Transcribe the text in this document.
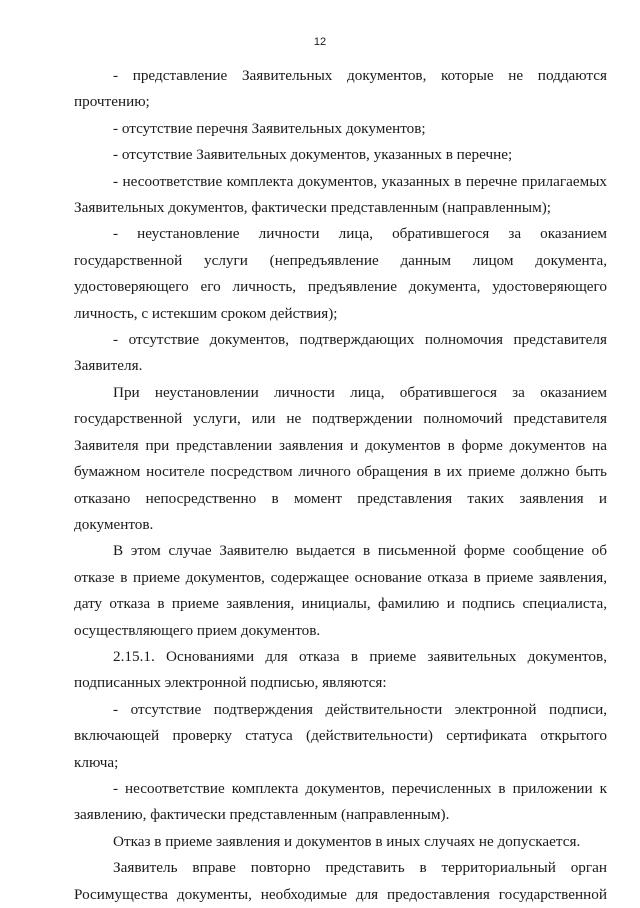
12

- представление Заявительных документов, которые не поддаются прочтению;

- отсутствие перечня Заявительных документов;

- отсутствие Заявительных документов, указанных в перечне;

- несоответствие комплекта документов, указанных в перечне прилагаемых Заявительных документов, фактически представленным (направленным);

- неустановление личности лица, обратившегося за оказанием государственной услуги (непредъявление данным лицом документа, удостоверяющего его личность, предъявление документа, удостоверяющего личность, с истекшим сроком действия);

- отсутствие документов, подтверждающих полномочия представителя Заявителя.

При неустановлении личности лица, обратившегося за оказанием государственной услуги, или не подтверждении полномочий представителя Заявителя при представлении заявления и документов в форме документов на бумажном носителе посредством личного обращения в их приеме должно быть отказано непосредственно в момент представления таких заявления и документов.

В этом случае Заявителю выдается в письменной форме сообщение об отказе в приеме документов, содержащее основание отказа в приеме заявления, дату отказа в приеме заявления, инициалы, фамилию и подпись специалиста, осуществляющего прием документов.

2.15.1. Основаниями для отказа в приеме заявительных документов, подписанных электронной подписью, являются:

- отсутствие подтверждения действительности электронной подписи, включающей проверку статуса (действительности) сертификата открытого ключа;

- несоответствие комплекта документов, перечисленных в приложении к заявлению, фактически представленным (направленным).

Отказ в приеме заявления и документов в иных случаях не допускается.

Заявитель вправе повторно представить в территориальный орган Росимущества документы, необходимые для предоставления государственной
